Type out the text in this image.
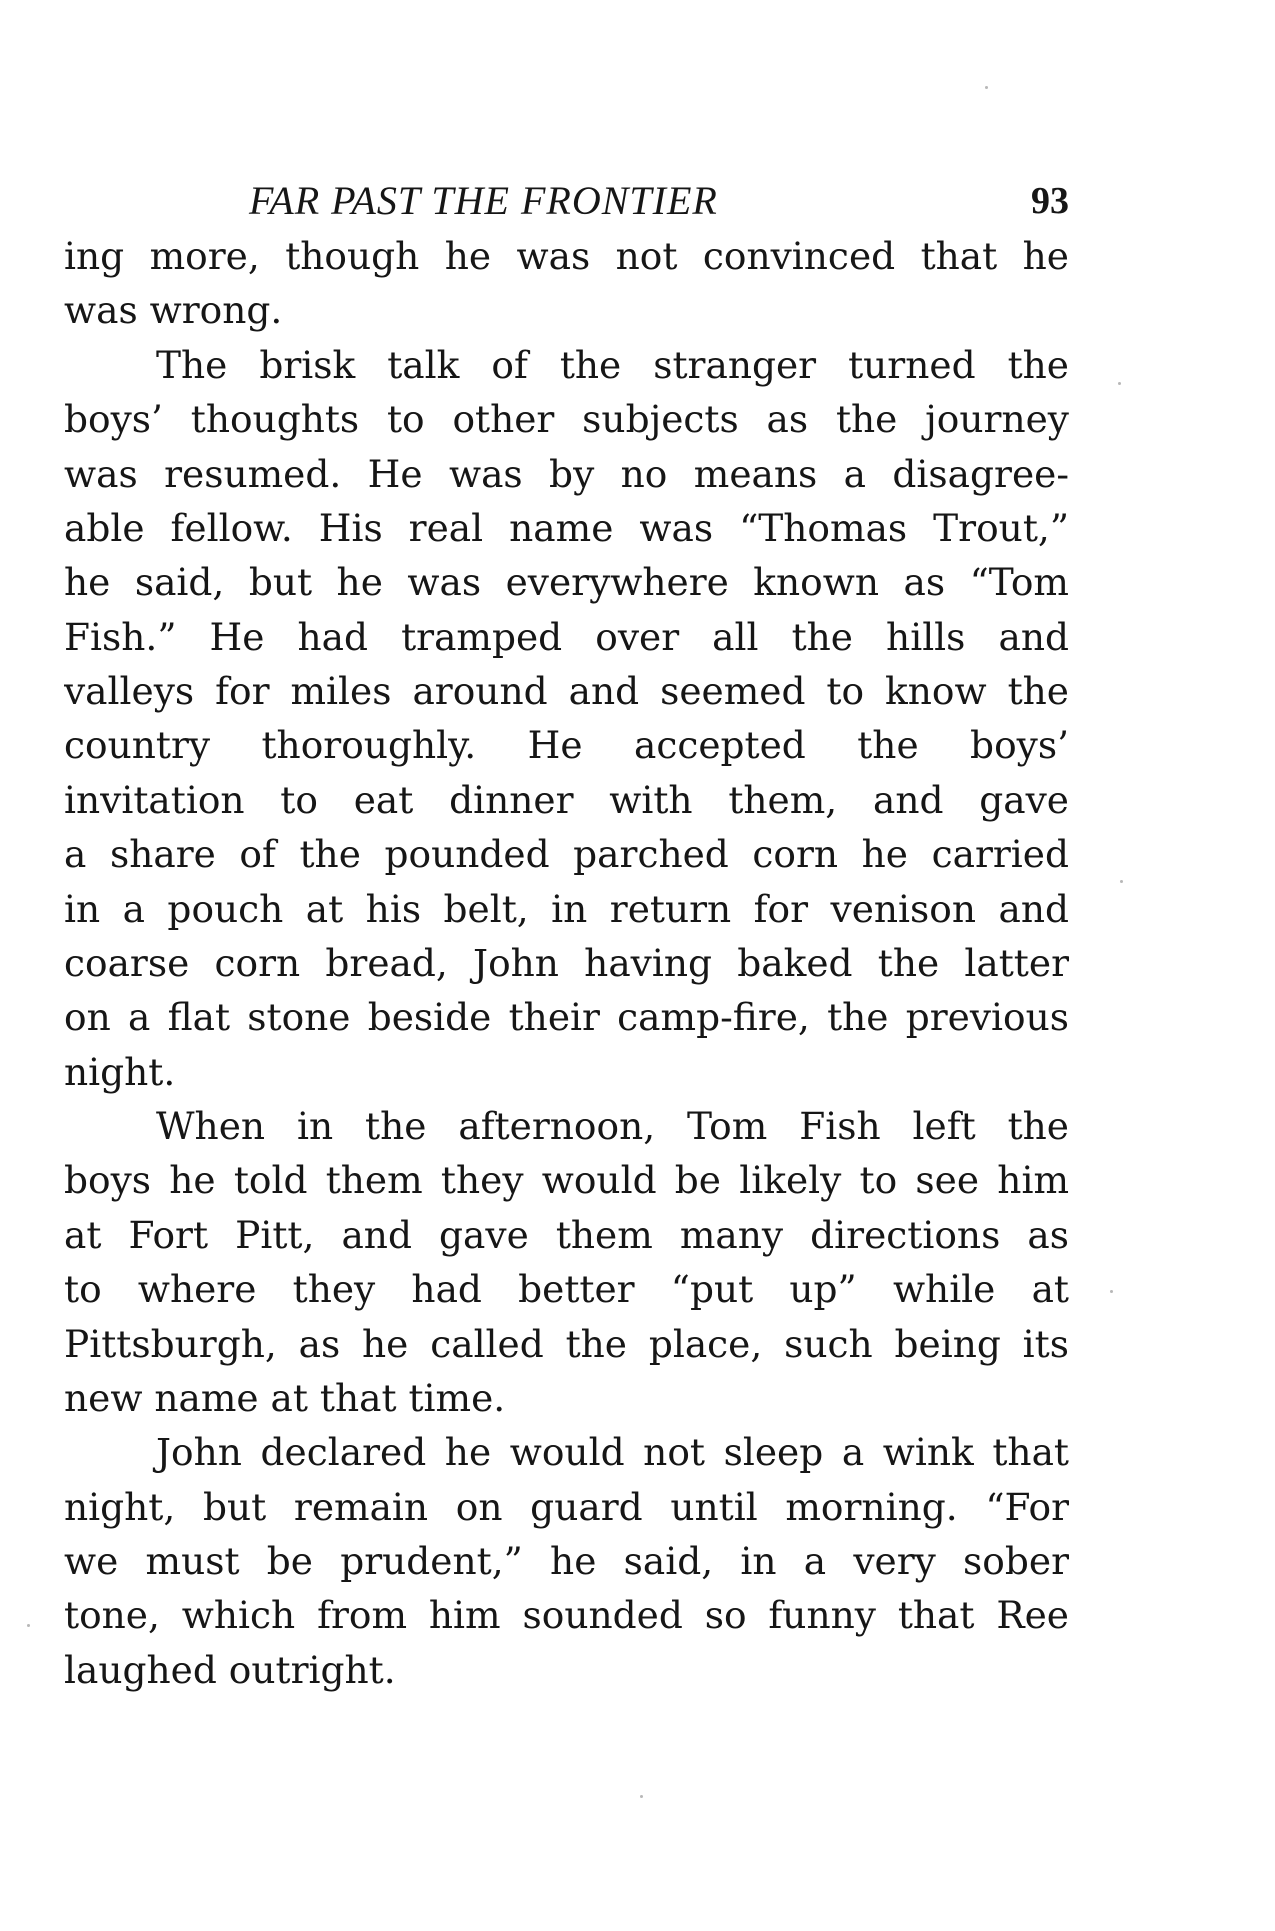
FAR PAST THE FRONTIER	93
ing more, though he was not convinced that he
was wrong.
The brisk talk of the stranger turned the
boys’ thoughts to other subjects as the journey
was resumed. He was by no means a disagree-
able fellow. His real name was “Thomas Trout,”
he said, but he was everywhere known as “Tom
Fish.” He had tramped over all the hills and
valleys for miles around and seemed to know the
country thoroughly. He accepted the boys’
invitation to eat dinner with them, and gave
a share of the pounded parched corn he carried
in a pouch at his belt, in return for venison and
coarse corn bread, John having baked the latter
on a flat stone beside their camp-fire, the previous
night.
When in the afternoon, Tom Fish left the
boys he told them they would be likely to see him
at Fort Pitt, and gave them many directions as
to where they had better “put up” while at
Pittsburgh, as he called the place, such being its
new name at that time.
John declared he would not sleep a wink that
night, but remain on guard until morning. “For
we must be prudent,” he said, in a very sober
tone, which from him sounded so funny that Ree
laughed outright.
